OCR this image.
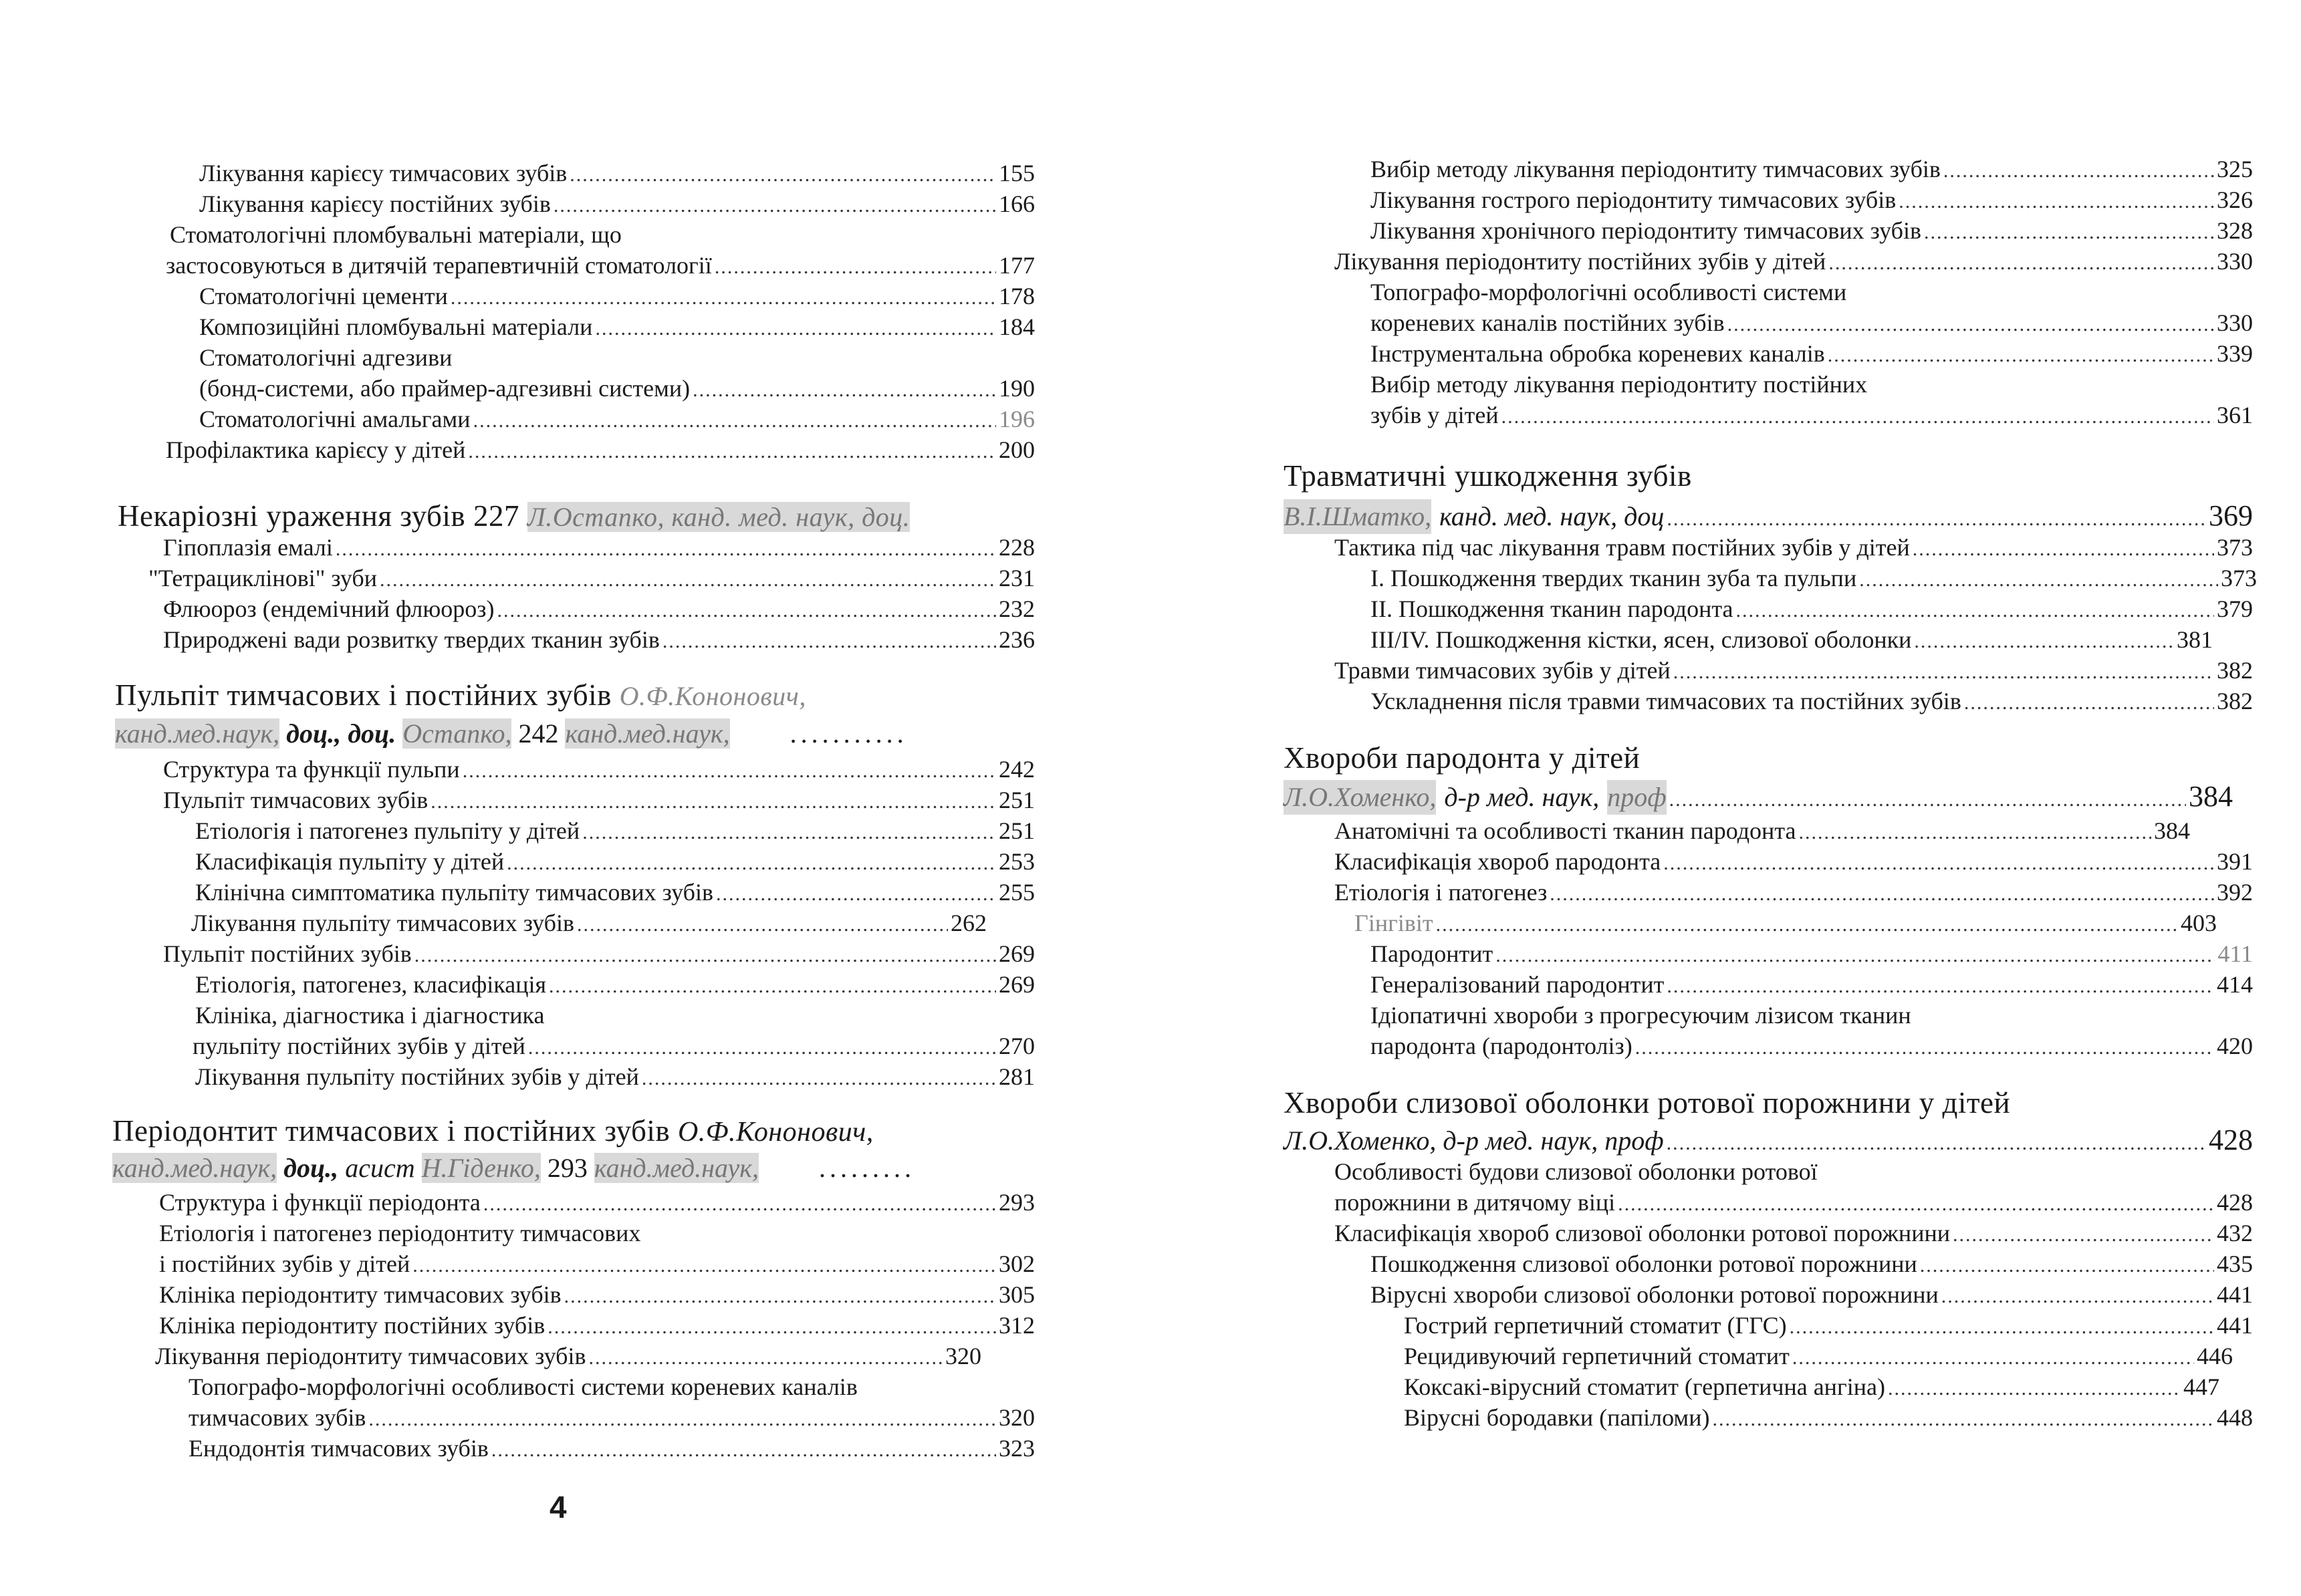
Лікування карієсу тимчасових зубів .....	155
Лікування карієсу постійних зубів .....	166
Стоматологічні пломбувальні матеріали, що
застосовуються в дитячій терапевтичній стоматології .....	177
Стоматологічні цементи .....	178
Композиційні пломбувальні матеріали .....	184
Стоматологічні адгезиви
(бонд-системи, або праймер-адгезивні системи) .....	190
Стоматологічні амальгами .....	196
Профілактика карієсу у дітей .....	200
Некаріозні ураження зубів 227 Л.Остапко, канд. мед. наук, доц.
Гіпоплазія емалі .....	228
"Тетрациклінові" зуби .....	231
Флюороз (ендемічний флюороз) .....	232
Природжені вади розвитку твердих тканин зубів .....	236
Пульпіт тимчасових і постійних зубів О.Ф.Кононович,
канд.мед.наук, доц., доц. Остапко, 242 канд.мед.наук, ...........
Структура та функції пульпи .....	242
Пульпіт тимчасових зубів .....	251
Етіологія і патогенез пульпіту у дітей .....	251
Класифікація пульпіту у дітей .....	253
Клінічна симптоматика пульпіту тимчасових зубів .....	255
Лікування пульпіту тимчасових зубів .....	262
Пульпіт постійних зубів .....	269
Етіологія, патогенез, класифікація .....	269
Клініка, діагностика і діагностика
пульпіту постійних зубів у дітей .....	270
Лікування пульпіту постійних зубів у дітей .....	281
Періодонтит тимчасових і постійних зубів О.Ф.Кононович,
канд.мед.наук, доц., асист Н.Гіденко, 293 канд.мед.наук, .........
Структура і функції періодонта .....	293
Етіологія і патогенез періодонтиту тимчасових
і постійних зубів у дітей .....	302
Клініка періодонтиту тимчасових зубів .....	305
Клініка періодонтиту постійних зубів .....	312
Лікування періодонтиту тимчасових зубів .....	320
Топографо-морфологічні особливості системи кореневих каналів
тимчасових зубів .....	320
Ендодонтія тимчасових зубів .....	323
4
Вибір методу лікування періодонтиту тимчасових зубів .....	325
Лікування гострого періодонтиту тимчасових зубів .....	326
Лікування хронічного періодонтиту тимчасових зубів .....	328
Лікування періодонтиту постійних зубів у дітей .....	330
Топографо-морфологічні особливості системи
кореневих каналів постійних зубів .....	330
Інструментальна обробка кореневих каналів .....	339
Вибір методу лікування періодонтиту постійних
зубів у дітей .....	361
Травматичні ушкодження зубів
В.І.Шматко, канд. мед. наук, доц .....	369
Тактика під час лікування травм постійних зубів у дітей .....	373
І. Пошкодження твердих тканин зуба та пульпи .....	373
ІІ. Пошкодження тканин пародонта .....	379
ІІІ/IV. Пошкодження кістки, ясен, слизової оболонки .....	381
Травми тимчасових зубів у дітей .....	382
Ускладнення після травми тимчасових та постійних зубів .....	382
Хвороби пародонта у дітей
Л.О.Хоменко, д-р мед. наук, проф .....	384
Анатомічні та особливості тканин пародонта .....	384
Класифікація хвороб пародонта .....	391
Етіологія і патогенез .....	392
Гінгівіт .....	403
Пародонтит .....	411
Генералізований пародонтит .....	414
Ідіопатичні хвороби з прогресуючим лізисом тканин
пародонта (пародонтоліз) .....	420
Хвороби слизової оболонки ротової порожнини у дітей
Л.О.Хоменко, д-р мед. наук, проф .....	428
Особливості будови слизової оболонки ротової
порожнини в дитячому віці .....	428
Класифікація хвороб слизової оболонки ротової порожнини .....	432
Пошкодження слизової оболонки ротової порожнини .....	435
Вірусні хвороби слизової оболонки ротової порожнини .....	441
Гострий герпетичний стоматит (ГГС) .....	441
Рецидивуючий герпетичний стоматит .....	446
Коксакі-вірусний стоматит (герпетична ангіна) .....	447
Вірусні бородавки (папіломи) .....	448
